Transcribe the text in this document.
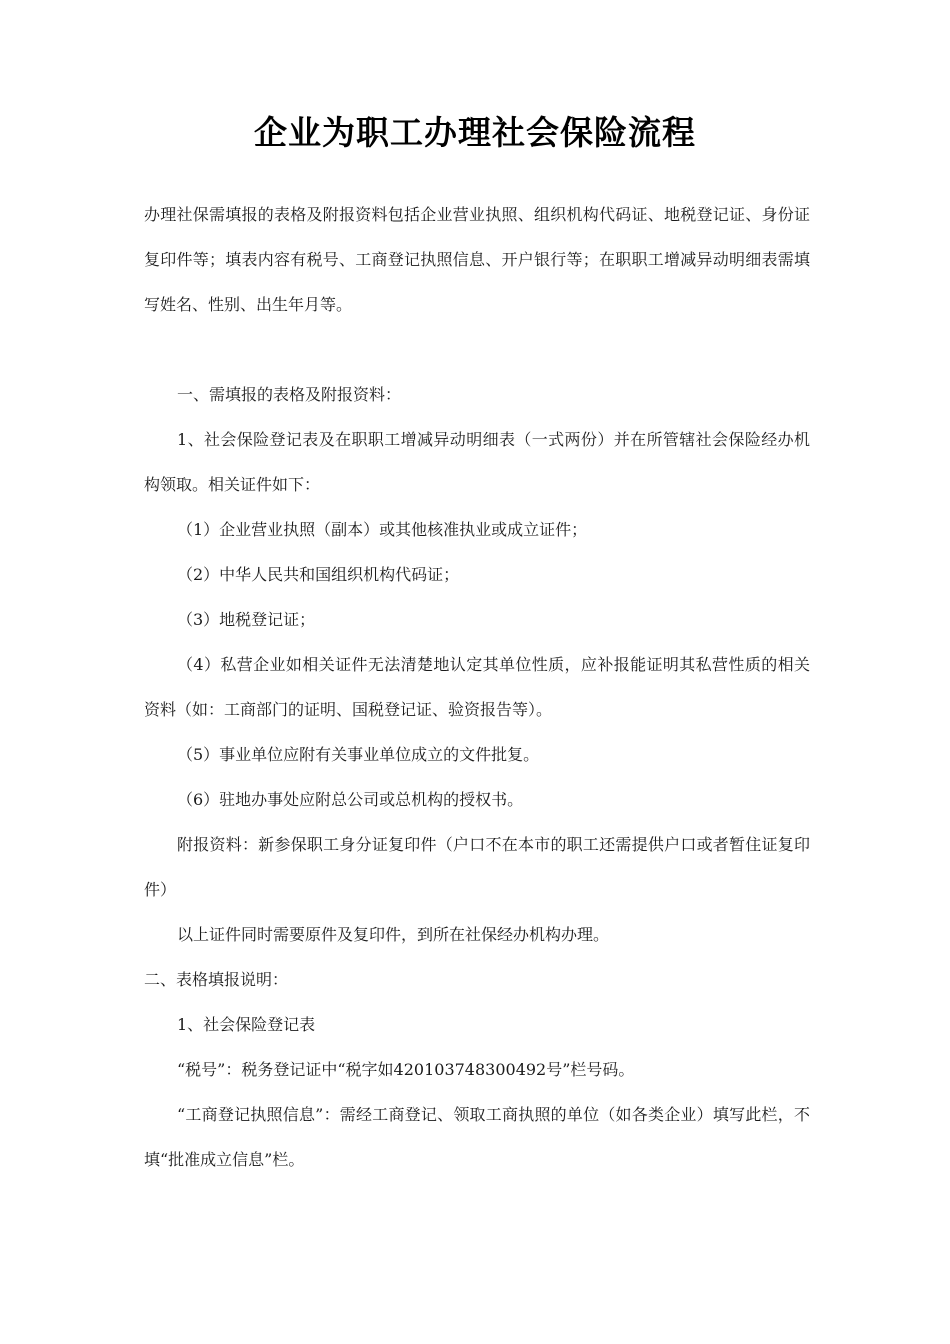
企业为职工办理社会保险流程

办理社保需填报的表格及附报资料包括企业营业执照、组织机构代码证、地税登记证、身份证复印件等；填表内容有税号、工商登记执照信息、开户银行等；在职职工增减异动明细表需填写姓名、性别、出生年月等。

一、需填报的表格及附报资料：

1、社会保险登记表及在职职工增减异动明细表（一式两份）并在所管辖社会保险经办机构领取。相关证件如下：

（1）企业营业执照（副本）或其他核准执业或成立证件；

（2）中华人民共和国组织机构代码证；

（3）地税登记证；

（4）私营企业如相关证件无法清楚地认定其单位性质，应补报能证明其私营性质的相关资料（如：工商部门的证明、国税登记证、验资报告等）。

（5）事业单位应附有关事业单位成立的文件批复。

（6）驻地办事处应附总公司或总机构的授权书。

附报资料：新参保职工身分证复印件（户口不在本市的职工还需提供户口或者暂住证复印件）

以上证件同时需要原件及复印件，到所在社保经办机构办理。

二、表格填报说明：

1、社会保险登记表

“税号”：税务登记证中“税字如420103748300492号”栏号码。

“工商登记执照信息”：需经工商登记、领取工商执照的单位（如各类企业）填写此栏，不填“批准成立信息”栏。
